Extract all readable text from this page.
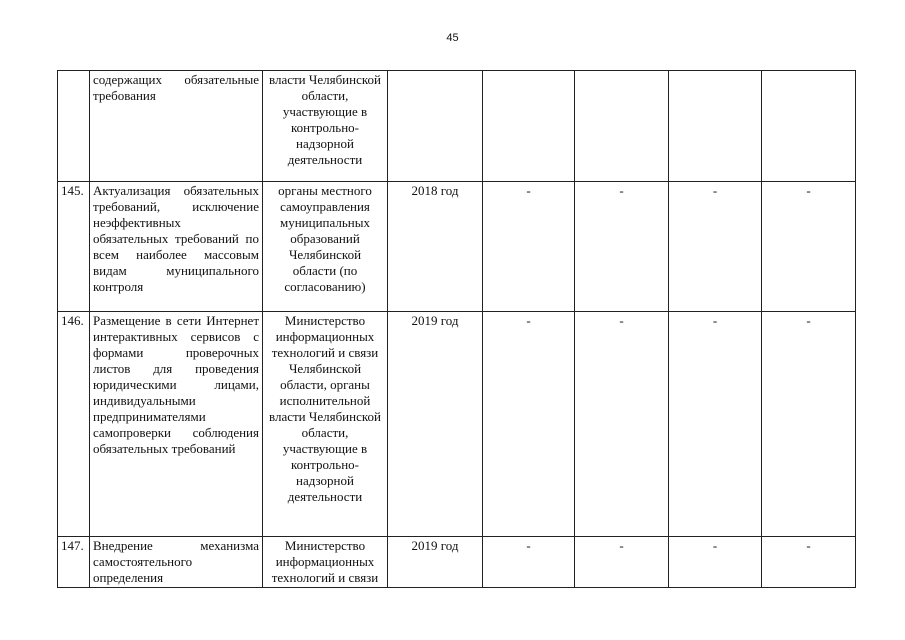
45
	содержащих обязательные требования	власти Челябинской области, участвующие в контрольно-надзорной деятельности					
145.	Актуализация обязательных требований, исключение неэффективных обязательных требований по всем наиболее массовым видам муниципального контроля	органы местного самоуправления муниципальных образований Челябинской области (по согласованию)	2018 год	-	-	-	-
146.	Размещение в сети Интернет интерактивных сервисов с формами проверочных листов для проведения юридическими лицами, индивидуальными предпринимателями самопроверки соблюдения обязательных требований	Министерство информационных технологий и связи Челябинской области, органы исполнительной власти Челябинской области, участвующие в контрольно-надзорной деятельности	2019 год	-	-	-	-
147.	Внедрение механизма самостоятельного определения	Министерство информационных технологий и связи	2019 год	-	-	-	-
